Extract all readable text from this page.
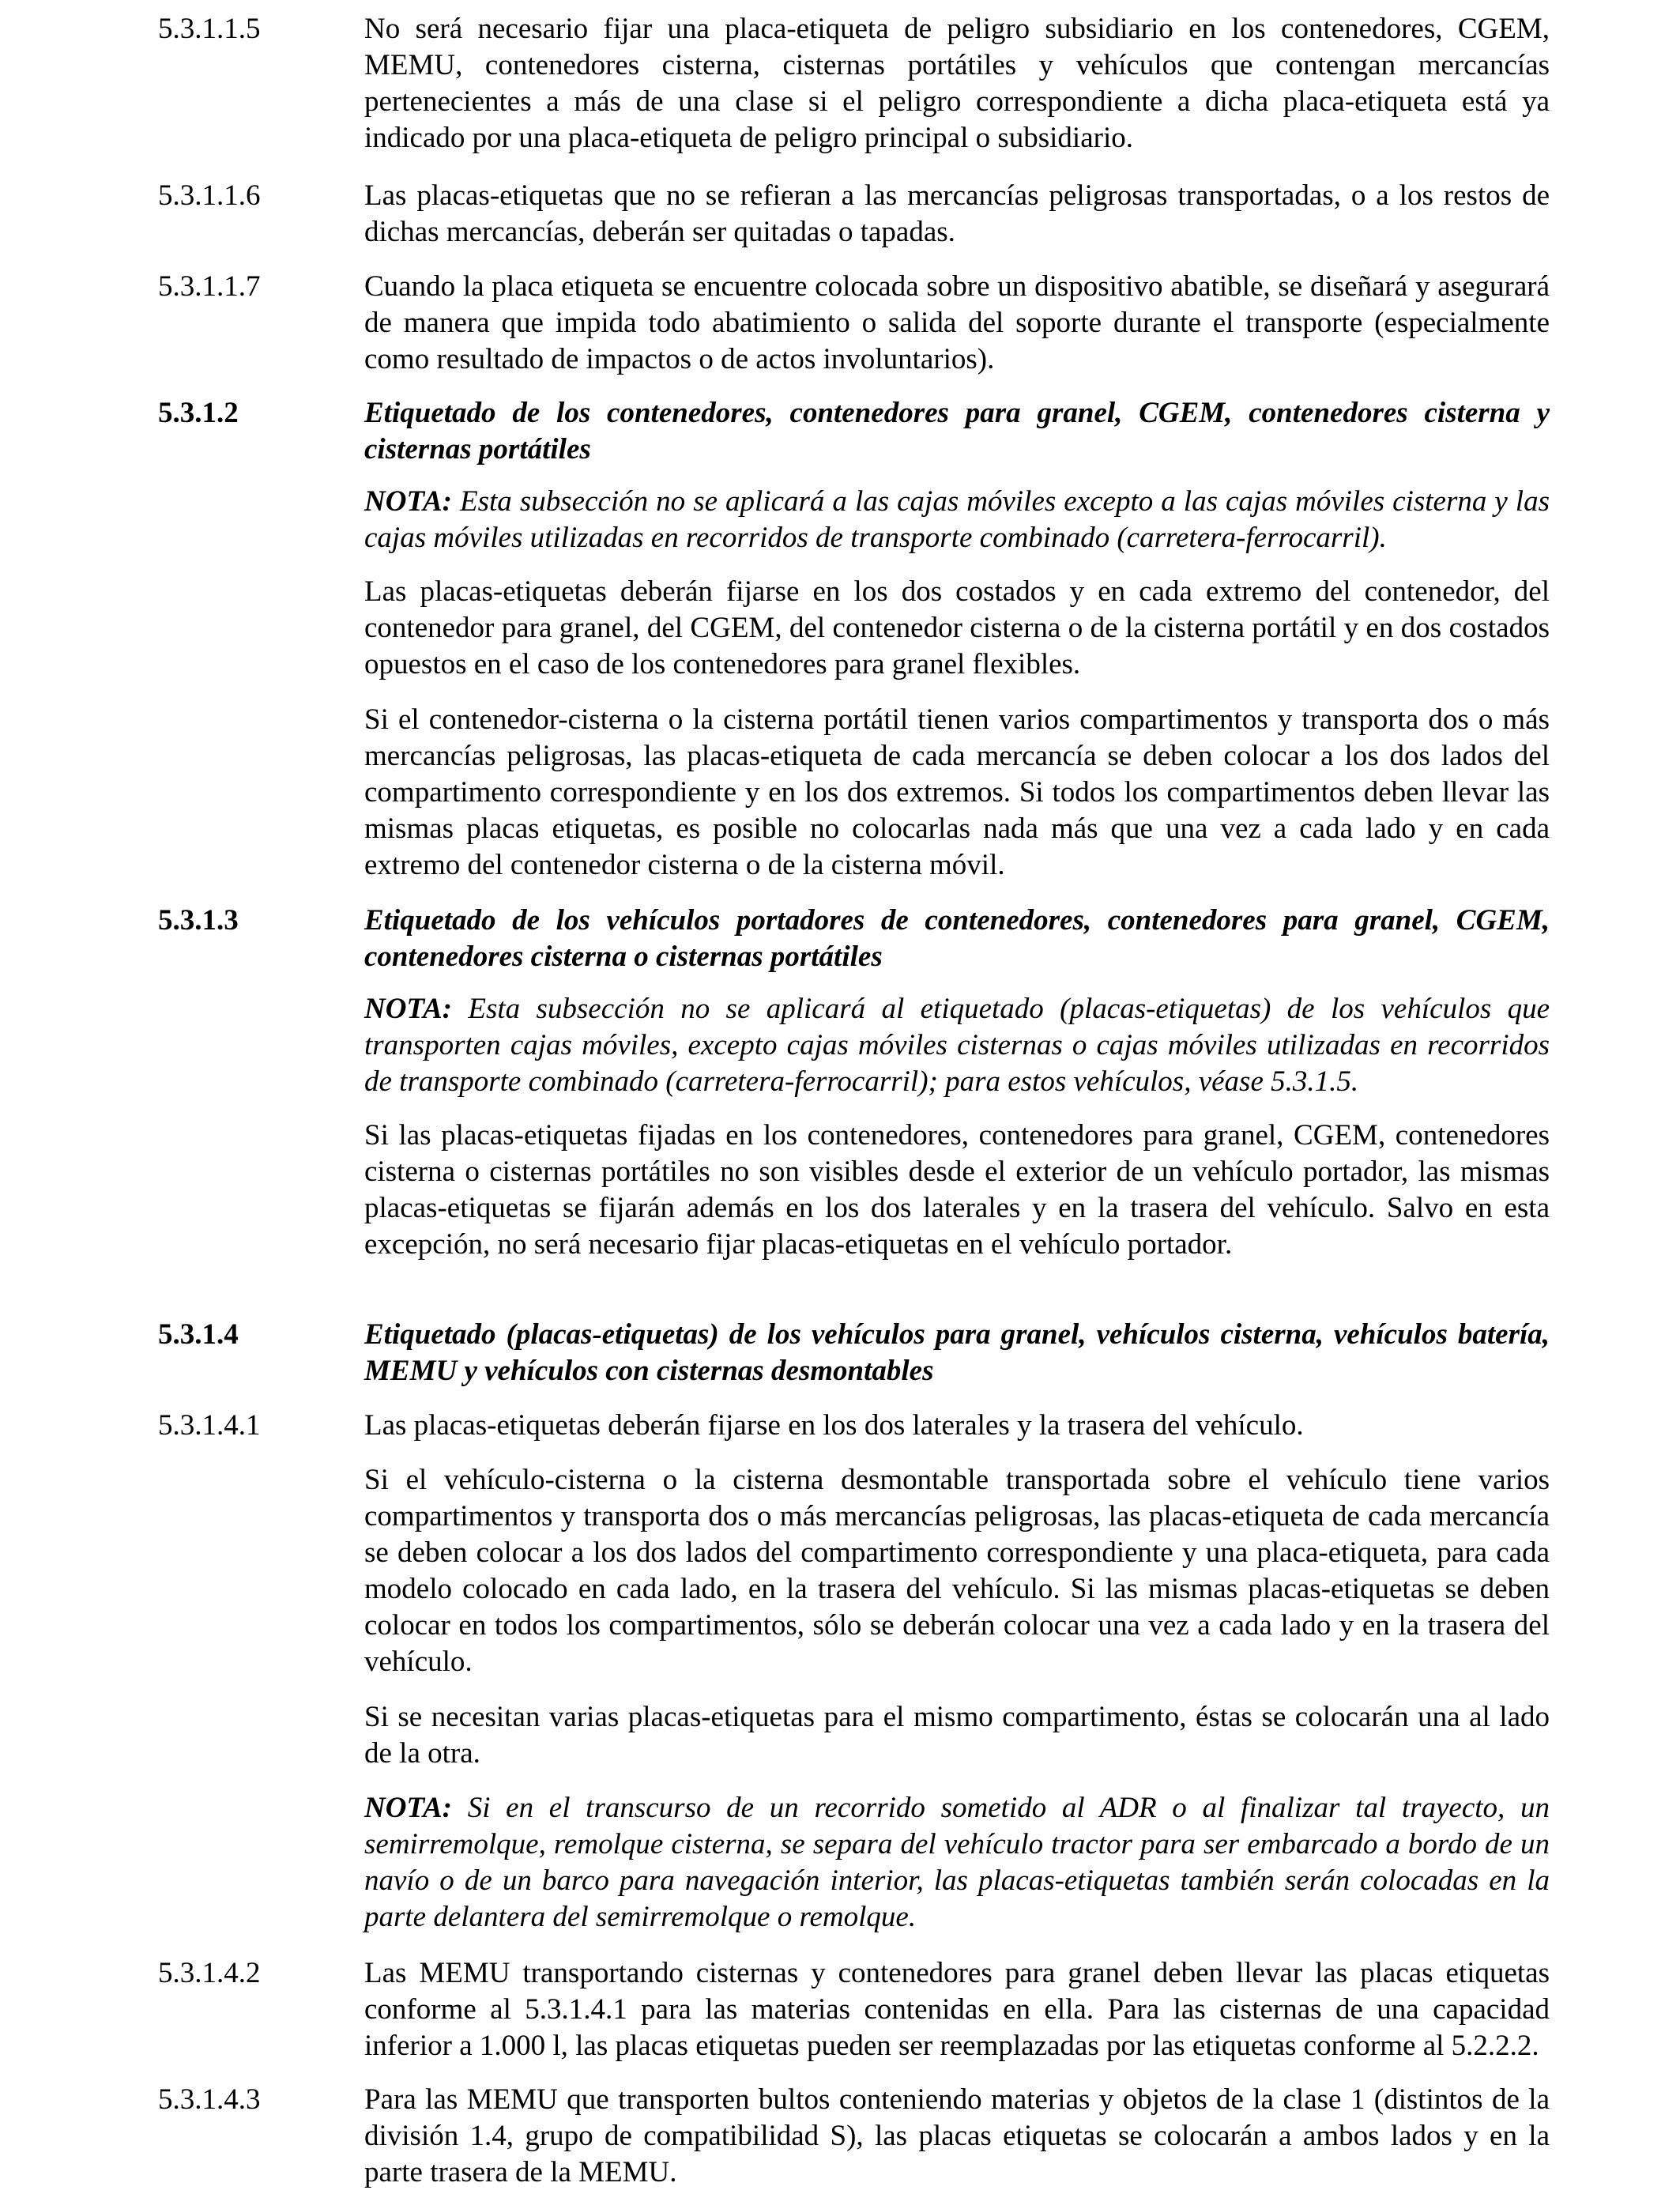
5.3.1.1.5	No será necesario fijar una placa-etiqueta de peligro subsidiario en los contenedores, CGEM, MEMU, contenedores cisterna, cisternas portátiles y vehículos que contengan mercancías pertenecientes a más de una clase si el peligro correspondiente a dicha placa-etiqueta está ya indicado por una placa-etiqueta de peligro principal o subsidiario.
5.3.1.1.6	Las placas-etiquetas que no se refieran a las mercancías peligrosas transportadas, o a los restos de dichas mercancías, deberán ser quitadas o tapadas.
5.3.1.1.7	Cuando la placa etiqueta se encuentre colocada sobre un dispositivo abatible, se diseñará y asegurará de manera que impida todo abatimiento o salida del soporte durante el transporte (especialmente como resultado de impactos o de actos involuntarios).
5.3.1.2	Etiquetado de los contenedores, contenedores para granel, CGEM, contenedores cisterna y cisternas portátiles
NOTA: Esta subsección no se aplicará a las cajas móviles excepto a las cajas móviles cisterna y las cajas móviles utilizadas en recorridos de transporte combinado (carretera-ferrocarril).
Las placas-etiquetas deberán fijarse en los dos costados y en cada extremo del contenedor, del contenedor para granel, del CGEM, del contenedor cisterna o de la cisterna portátil y en dos costados opuestos en el caso de los contenedores para granel flexibles.
Si el contenedor-cisterna o la cisterna portátil tienen varios compartimentos y transporta dos o más mercancías peligrosas, las placas-etiqueta de cada mercancía se deben colocar a los dos lados del compartimento correspondiente y en los dos extremos. Si todos los compartimentos deben llevar las mismas placas etiquetas, es posible no colocarlas nada más que una vez a cada lado y en cada extremo del contenedor cisterna o de la cisterna móvil.
5.3.1.3	Etiquetado de los vehículos portadores de contenedores, contenedores para granel, CGEM, contenedores cisterna o cisternas portátiles
NOTA: Esta subsección no se aplicará al etiquetado (placas-etiquetas) de los vehículos que transporten cajas móviles, excepto cajas móviles cisternas o cajas móviles utilizadas en recorridos de transporte combinado (carretera-ferrocarril); para estos vehículos, véase 5.3.1.5.
Si las placas-etiquetas fijadas en los contenedores, contenedores para granel, CGEM, contenedores cisterna o cisternas portátiles no son visibles desde el exterior de un vehículo portador, las mismas placas-etiquetas se fijarán además en los dos laterales y en la trasera del vehículo. Salvo en esta excepción, no será necesario fijar placas-etiquetas en el vehículo portador.
5.3.1.4	Etiquetado (placas-etiquetas) de los vehículos para granel, vehículos cisterna, vehículos batería, MEMU y vehículos con cisternas desmontables
5.3.1.4.1	Las placas-etiquetas deberán fijarse en los dos laterales y la trasera del vehículo.
Si el vehículo-cisterna o la cisterna desmontable transportada sobre el vehículo tiene varios compartimentos y transporta dos o más mercancías peligrosas, las placas-etiqueta de cada mercancía se deben colocar a los dos lados del compartimento correspondiente y una placa-etiqueta, para cada modelo colocado en cada lado, en la trasera del vehículo. Si las mismas placas-etiquetas se deben colocar en todos los compartimentos, sólo se deberán colocar una vez a cada lado y en la trasera del vehículo.
Si se necesitan varias placas-etiquetas para el mismo compartimento, éstas se colocarán una al lado de la otra.
NOTA: Si en el transcurso de un recorrido sometido al ADR o al finalizar tal trayecto, un semirremolque, remolque cisterna, se separa del vehículo tractor para ser embarcado a bordo de un navío o de un barco para navegación interior, las placas-etiquetas también serán colocadas en la parte delantera del semirremolque o remolque.
5.3.1.4.2	Las MEMU transportando cisternas y contenedores para granel deben llevar las placas etiquetas conforme al 5.3.1.4.1 para las materias contenidas en ella. Para las cisternas de una capacidad inferior a 1.000 l, las placas etiquetas pueden ser reemplazadas por las etiquetas conforme al 5.2.2.2.
5.3.1.4.3	Para las MEMU que transporten bultos conteniendo materias y objetos de la clase 1 (distintos de la división 1.4, grupo de compatibilidad S), las placas etiquetas se colocarán a ambos lados y en la parte trasera de la MEMU.
